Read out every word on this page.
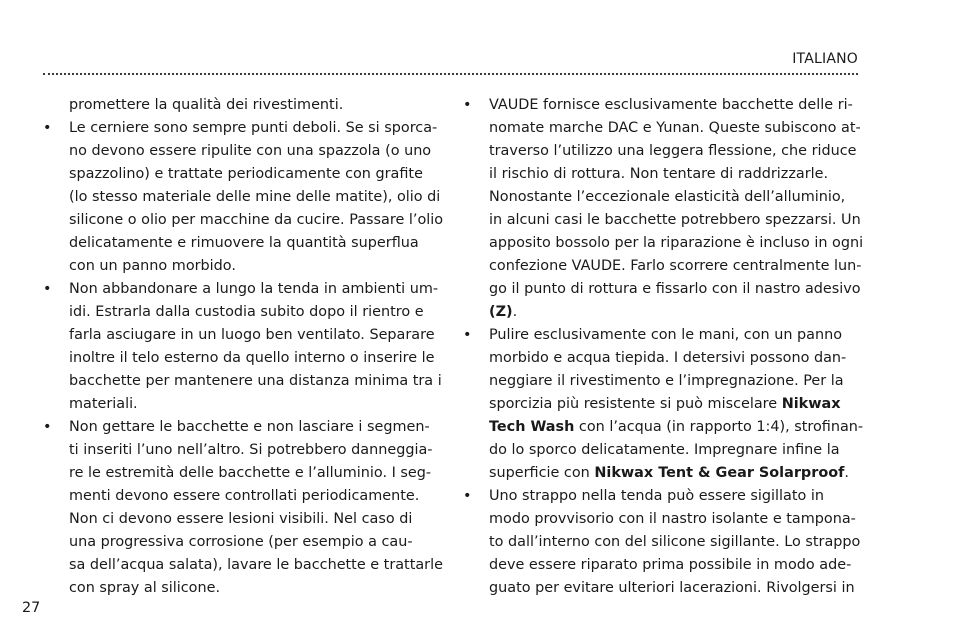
ITALIANO
promettere la qualità dei rivestimenti.
• Le cerniere sono sempre punti deboli. Se si sporca-
no devono essere ripulite con una spazzola (o uno
spazzolino) e trattate periodicamente con grafite
(lo stesso materiale delle mine delle matite), olio di
silicone o olio per macchine da cucire. Passare l’olio
delicatamente e rimuovere la quantità superflua
con un panno morbido.
• Non abbandonare a lungo la tenda in ambienti um-
idi. Estrarla dalla custodia subito dopo il rientro e
farla asciugare in un luogo ben ventilato. Separare
inoltre il telo esterno da quello interno o inserire le
bacchette per mantenere una distanza minima tra i
materiali.
• Non gettare le bacchette e non lasciare i segmen-
ti inseriti l’uno nell’altro. Si potrebbero danneggia-
re le estremità delle bacchette e l’alluminio. I seg-
menti devono essere controllati periodicamente.
Non ci devono essere lesioni visibili. Nel caso di
una progressiva corrosione (per esempio a cau-
sa dell’acqua salata), lavare le bacchette e trattarle
con spray al silicone.
• VAUDE fornisce esclusivamente bacchette delle ri-
nomate marche DAC e Yunan. Queste subiscono at-
traverso l’utilizzo una leggera flessione, che riduce
il rischio di rottura. Non tentare di raddrizzarle.
Nonostante l’eccezionale elasticità dell’alluminio,
in alcuni casi le bacchette potrebbero spezzarsi. Un
apposito bossolo per la riparazione è incluso in ogni
confezione VAUDE. Farlo scorrere centralmente lun-
go il punto di rottura e fissarlo con il nastro adesivo
(Z).
• Pulire esclusivamente con le mani, con un panno
morbido e acqua tiepida. I detersivi possono dan-
neggiare il rivestimento e l’impregnazione. Per la
sporcizia più resistente si può miscelare Nikwax
Tech Wash con l’acqua (in rapporto 1:4), strofinan-
do lo sporco delicatamente. Impregnare infine la
superficie con Nikwax Tent & Gear Solarproof.
• Uno strappo nella tenda può essere sigillato in
modo provvisorio con il nastro isolante e tampona-
to dall’interno con del silicone sigillante. Lo strappo
deve essere riparato prima possibile in modo ade-
guato per evitare ulteriori lacerazioni. Rivolgersi in
27
